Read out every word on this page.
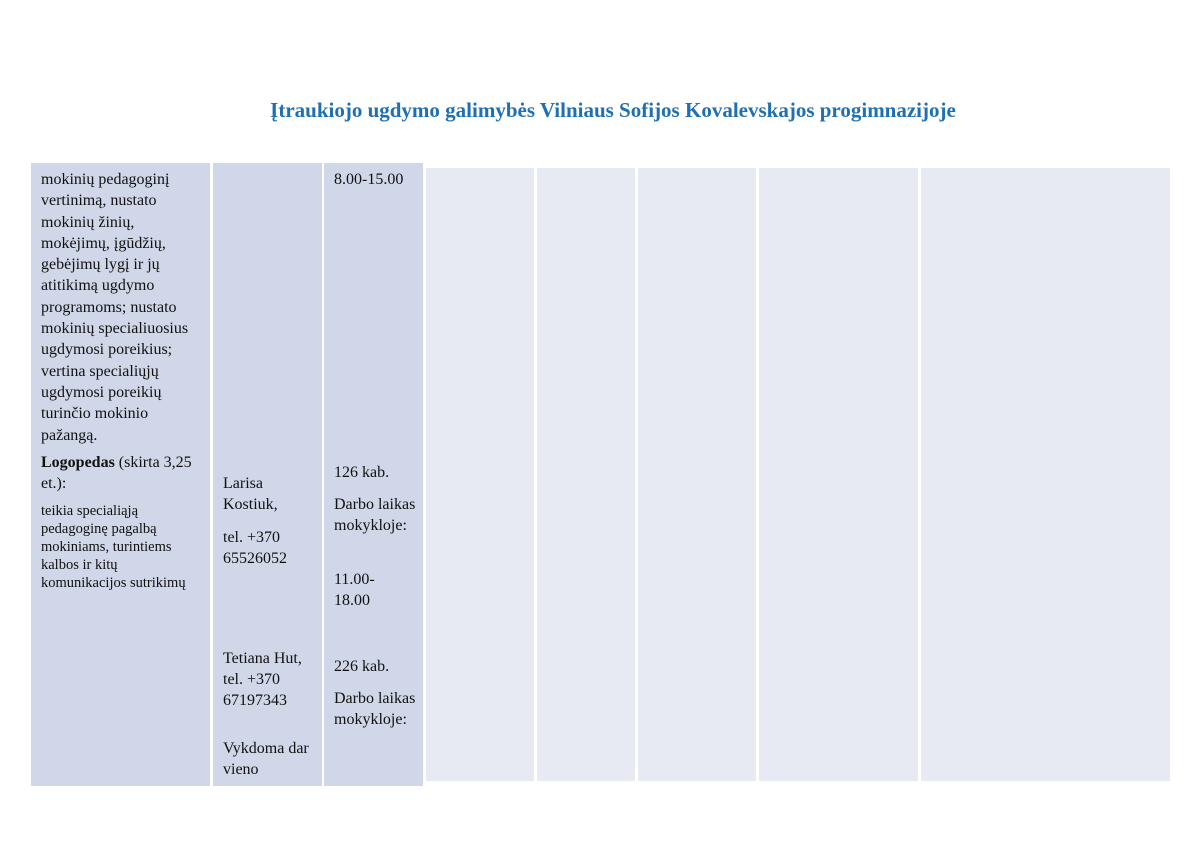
Įtraukiojo ugdymo galimybės Vilniaus Sofijos Kovalevskajos progimnazijoje

mokinių pedagoginį vertinimą, nustato mokinių žinių, mokėjimų, įgūdžių, gebėjimų lygį ir jų atitikimą ugdymo programoms; nustato mokinių specialiuosius ugdymosi poreikius; vertina specialiųjų ugdymosi poreikių turinčio mokinio pažangą.

Logopedas (skirta 3,25 et.):

teikia specialiąją pedagoginę pagalbą mokiniams, turintiems kalbos ir kitų komunikacijos sutrikimų

Larisa Kostiuk,

tel. +370 65526052

Tetiana Hut,

tel. +370 67197343

Vykdoma dar vieno

8.00-15.00

126 kab.

Darbo laikas mokykloje:

11.00-18.00

226 kab.

Darbo laikas mokykloje:
